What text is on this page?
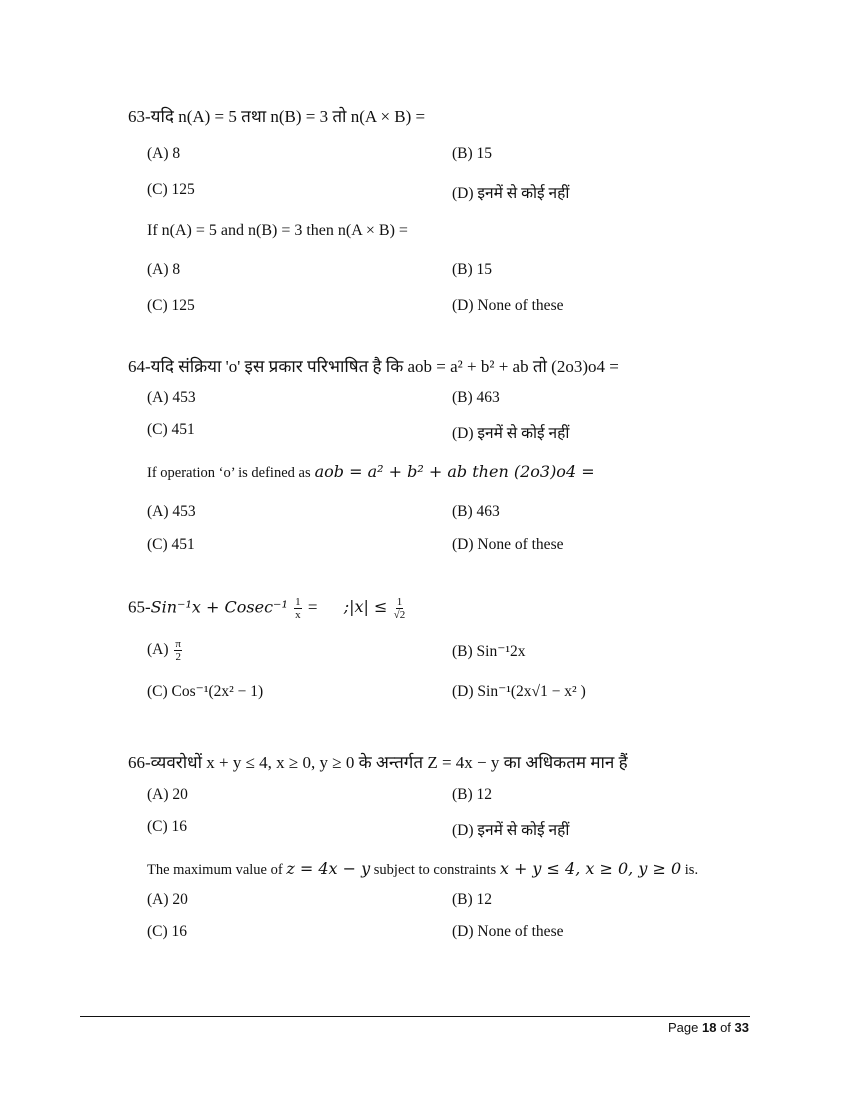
63-यदि n(A) = 5 तथा n(B) = 3 तो n(A × B) =
(A) 8	(B) 15
(C) 125	(D) इनमें से कोई नहीं
If n(A) = 5 and n(B) = 3 then n(A × B) =
(A) 8	(B) 15
(C) 125	(D) None of these
64-यदि संक्रिया 'o' इस प्रकार परिभाषित है कि aob = a² + b² + ab तो (2o3)o4 =
(A) 453	(B) 463
(C) 451	(D) इनमें से कोई नहीं
If operation ‘o’ is defined as aob = a² + b² + ab then (2o3)o4 =
(A) 453	(B) 463
(C) 451	(D) None of these
$65-Sin^{-1}x + Cosec^{-1} \frac{1}{x}$ = ;|x| ≤ $\frac{1}{√2}$
$(A) \frac{\pi}{2}$	(B) Sin⁻¹2x
(C) Cos⁻¹(2x² − 1)	(D) Sin⁻¹(2x√1 − x² )
66-व्यवरोधों x + y ≤ 4, x ≥ 0, y ≥ 0 के अन्तर्गत Z = 4x − y का अधिकतम मान हैं
(A) 20	(B) 12
(C) 16	(D) इनमें से कोई नहीं
The maximum value of z = 4x − y subject to constraints x + y ≤ 4, x ≥ 0, y ≥ 0 is.
(A) 20	(B) 12
(C) 16	(D) None of these
Page 18 of 33
